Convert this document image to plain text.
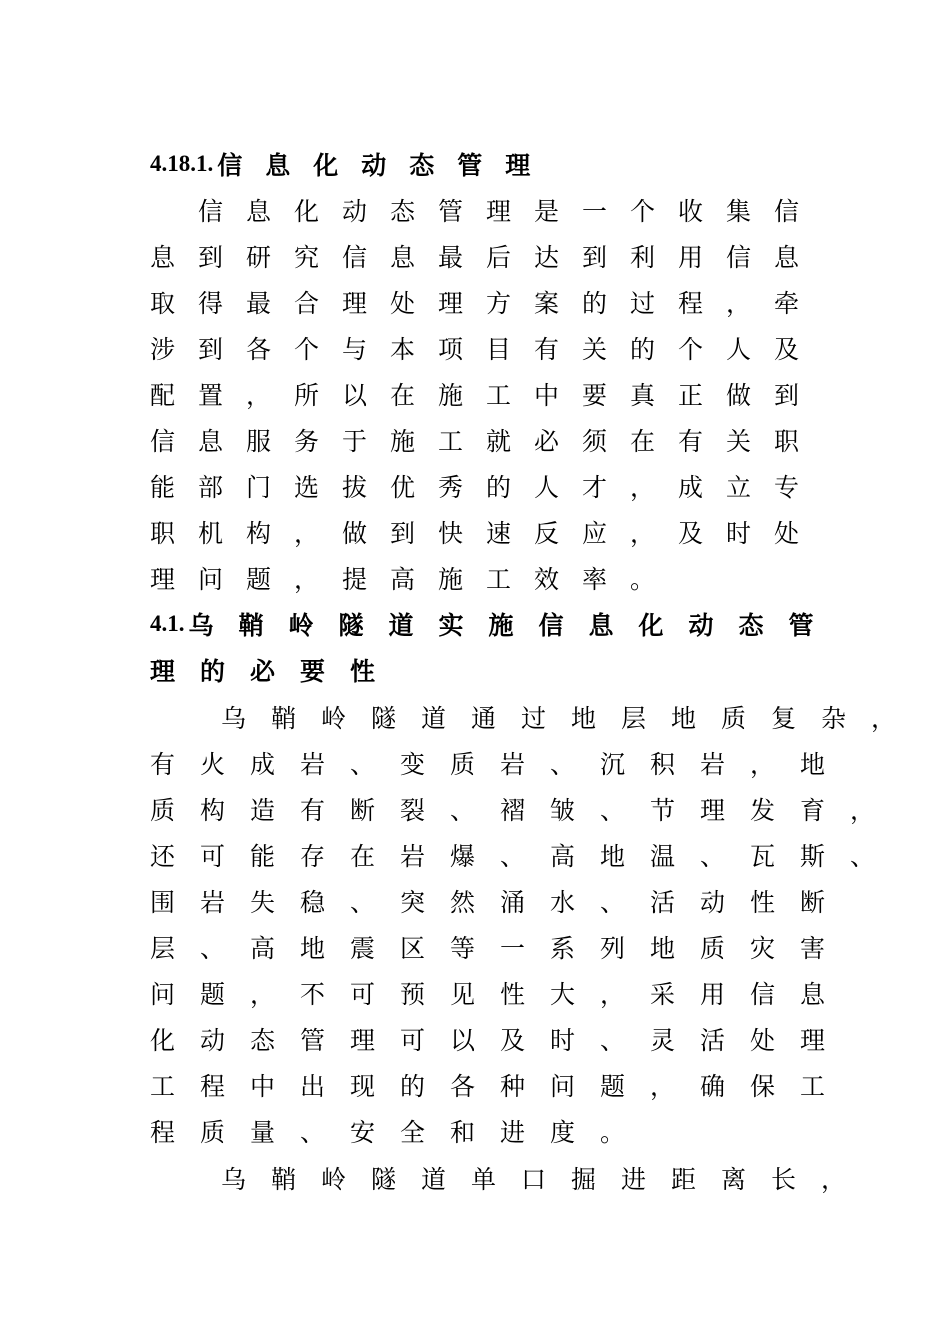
4.18.1. 信息化动态管理
信息化动态管理是一个收集信
息到研究信息最后达到利用信息
取得最合理处理方案的过程，牵
涉到各个与本项目有关的个人及
配置，所以在施工中要真正做到
信息服务于施工就必须在有关职
能部门选拔优秀的人才，成立专
职机构，做到快速反应，及时处
理问题，提高施工效率。
4.1. 乌鞘岭隧道实施信息化动态管
理的必要性
乌鞘岭隧道通过地层地质复杂，
有火成岩、变质岩、沉积岩，地
质构造有断裂、褶皱、节理发育，
还可能存在岩爆、高地温、瓦斯、
围岩失稳、突然涌水、活动性断
层、高地震区等一系列地质灾害
问题，不可预见性大，采用信息
化动态管理可以及时、灵活处理
工程中出现的各种问题，确保工
程质量、安全和进度。
乌鞘岭隧道单口掘进距离长，
